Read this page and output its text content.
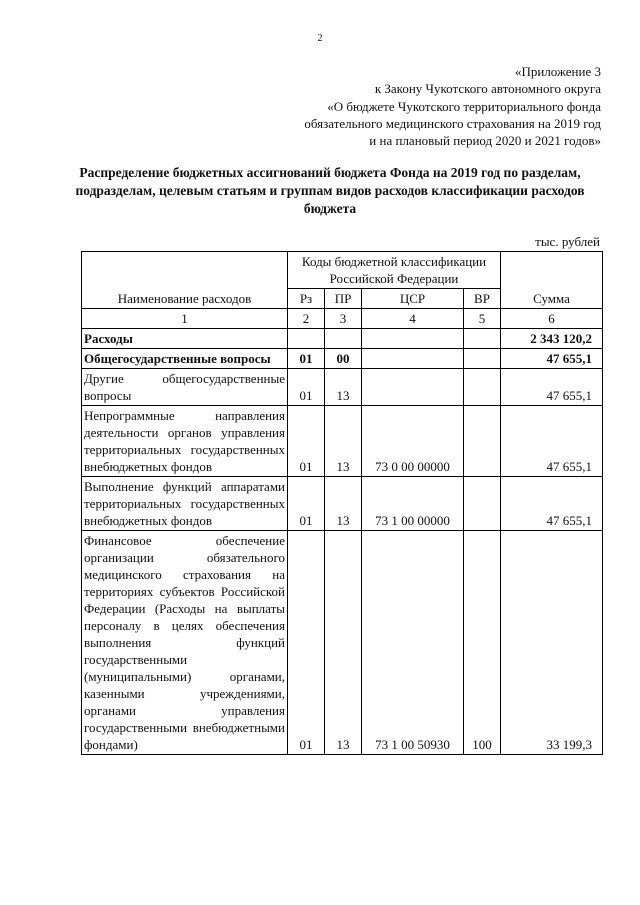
2
«Приложение 3
к Закону Чукотского автономного округа
«О бюджете Чукотского территориального фонда
обязательного медицинского страхования на 2019 год
и на плановый период 2020 и 2021 годов»
Распределение бюджетных ассигнований бюджета Фонда на 2019 год по разделам, подразделам, целевым статьям и группам видов расходов классификации расходов бюджета
тыс. рублей
Наименование расходов	Коды бюджетной классификации Российской Федерации				Сумма
	Рз	ПР	ЦСР	ВР	
1	2	3	4	5	6
Расходы					2 343 120,2
Общегосударственные вопросы	01	00			47 655,1
Другие общегосударственные вопросы	01	13			47 655,1
Непрограммные направления деятельности органов управления территориальных государственных внебюджетных фондов	01	13	73 0 00 00000		47 655,1
Выполнение функций аппаратами территориальных государственных внебюджетных фондов	01	13	73 1 00 00000		47 655,1
Финансовое обеспечение организации обязательного медицинского страхования на территориях субъектов Российской Федерации (Расходы на выплаты персоналу в целях обеспечения выполнения функций государственными (муниципальными) органами, казенными учреждениями, органами управления государственными внебюджетными фондами)	01	13	73 1 00 50930	100	33 199,3
